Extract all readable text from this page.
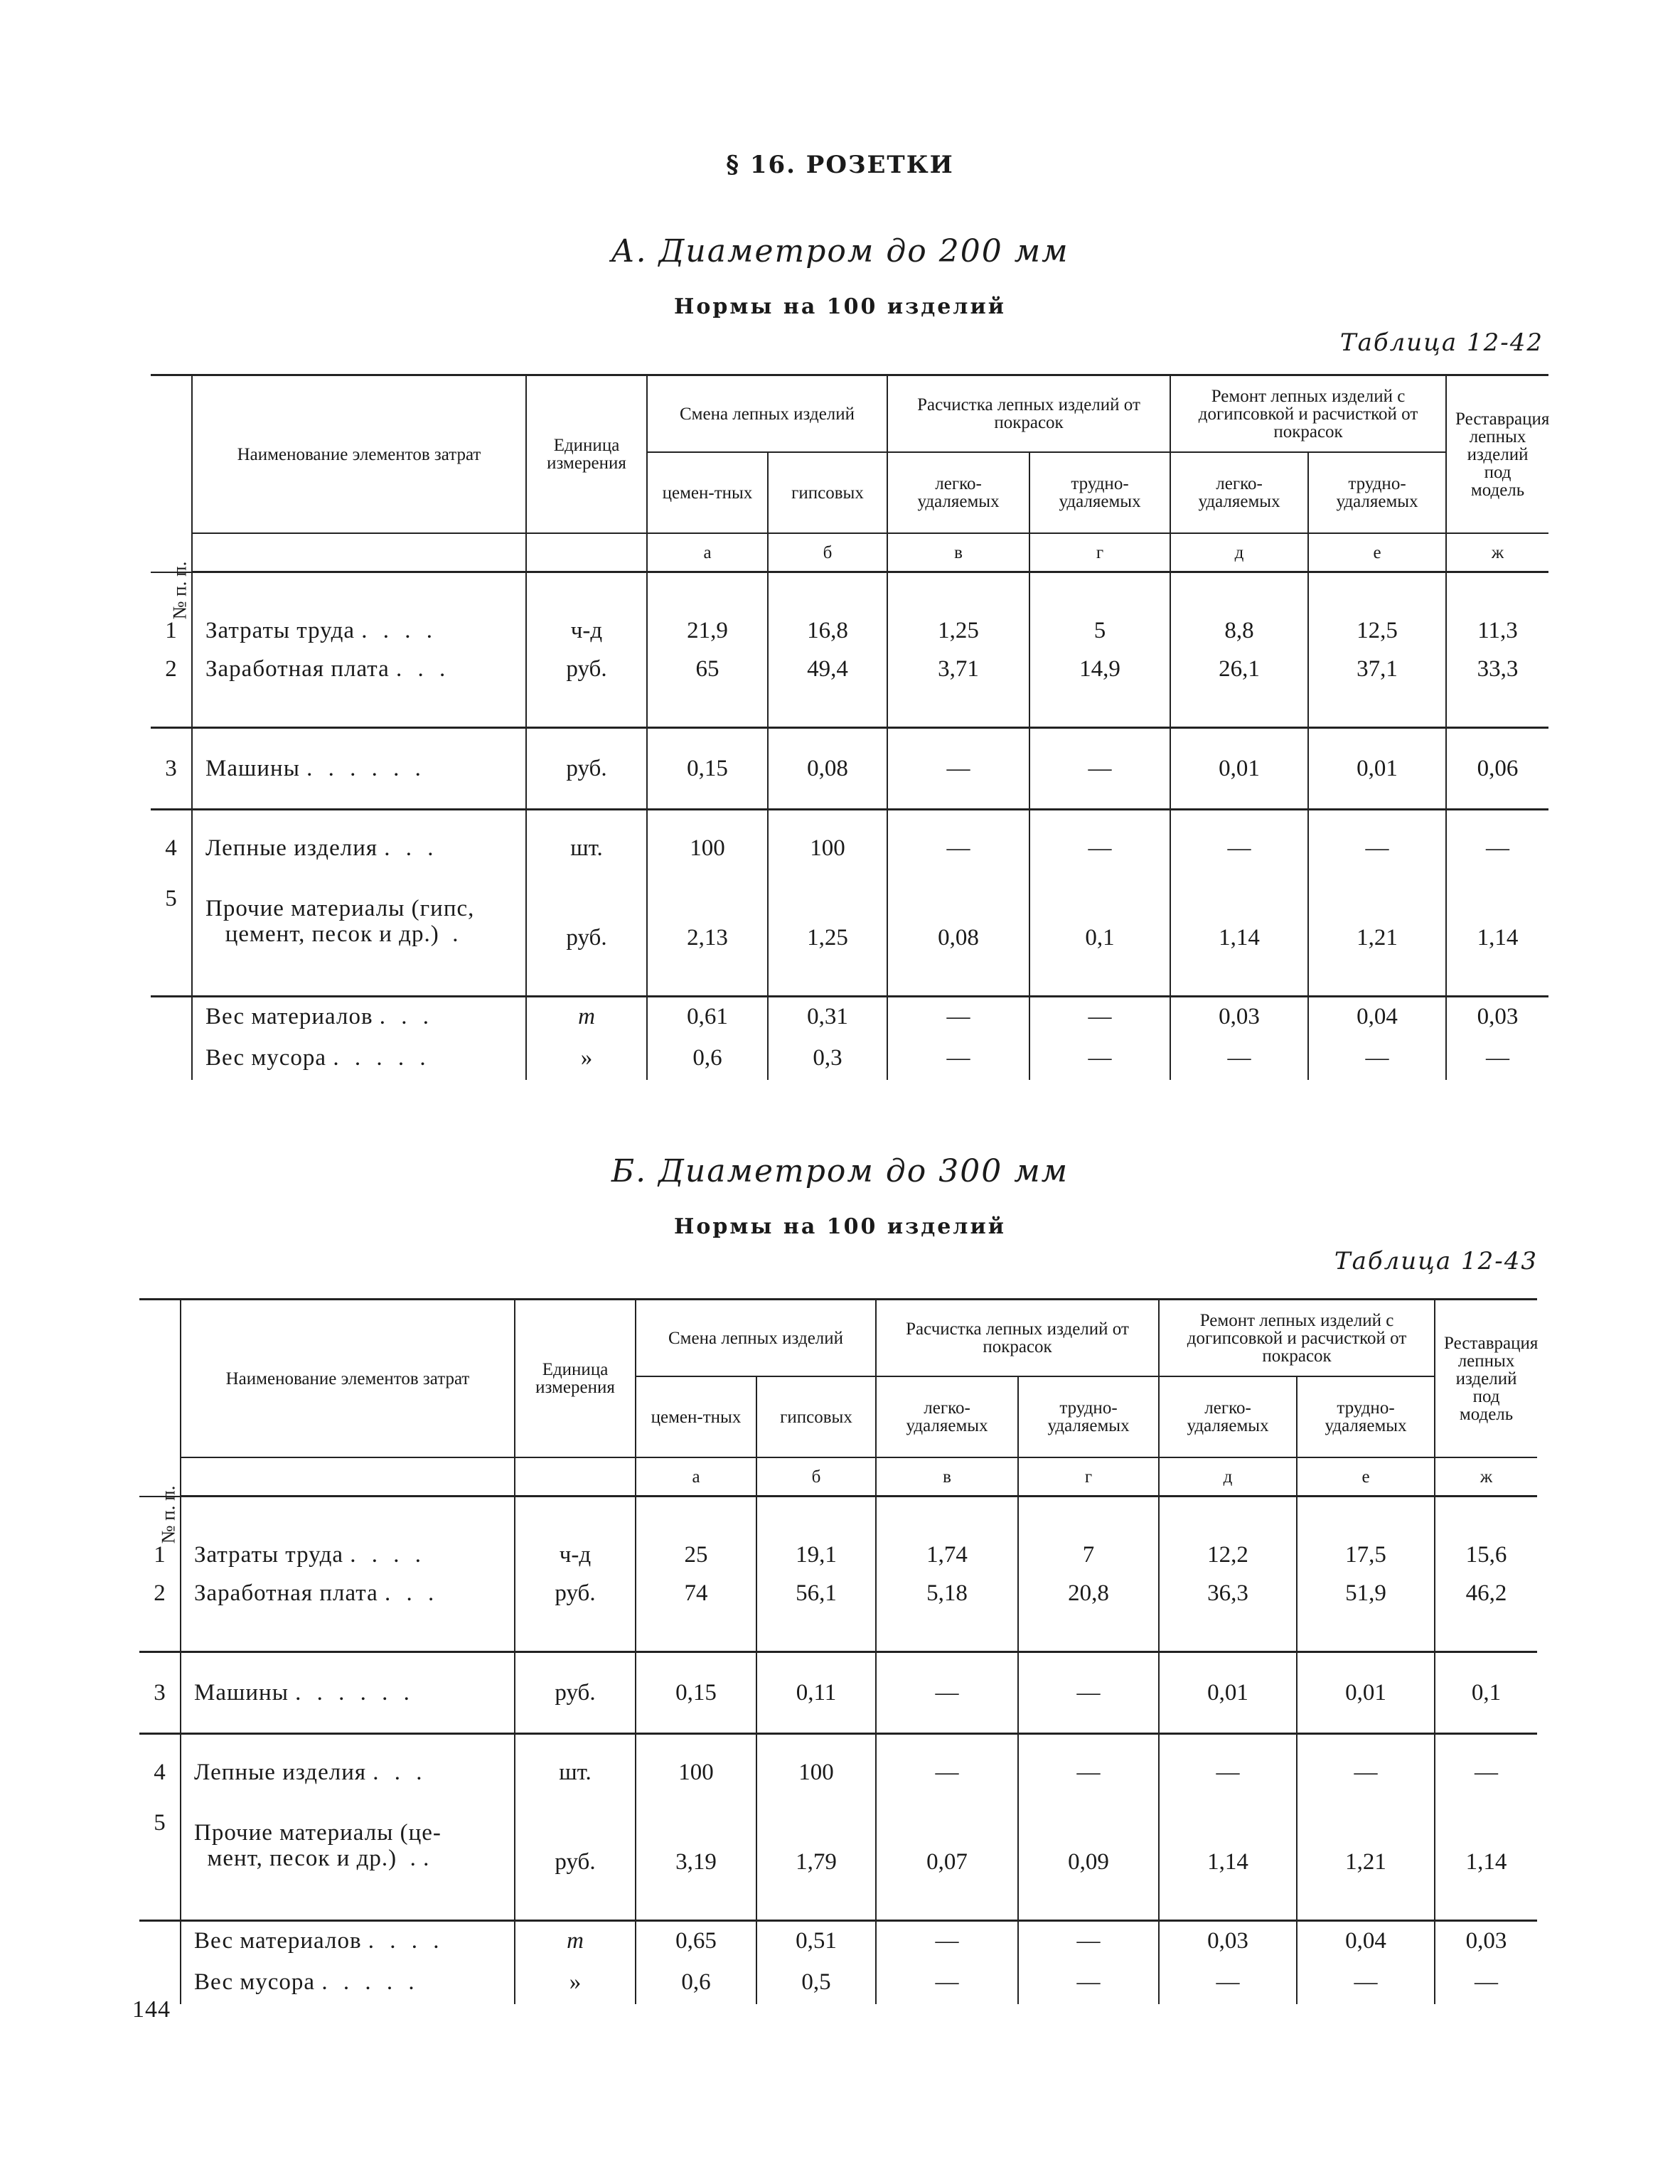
§ 16. РОЗЕТКИ
А. Диаметром до 200 мм
Нормы на 100 изделий
Таблица 12-42
№ п. п.	Наименование элементов затрат	Единица измерения	Смена лепных изделий		Расчистка лепных изделий от покрасок		Ремонт лепных изделий с догипсовкой и расчисткой от покрасок		Реставрация лепных изделий под модель
			цемен-тных	гипсовых	легко-удаляемых	трудно-удаляемых	легко-удаляемых	трудно-удаляемых	
			а	б	в	г	д	е	ж

1	Затраты труда . . . .	ч-д	21,9	16,8	1,25	5	8,8	12,5	11,3
2	Заработная плата . . .	руб.	65	49,4	3,71	14,9	26,1	37,1	33,3

3	Машины . . . . . .	руб.	0,15	0,08	—	—	0,01	0,01	0,06
4	Лепные изделия . . .	шт.	100	100	—	—	—	—	—
5	Прочие материалы (гипс,
цемент, песок и др.)  .	руб.	2,13	1,25	0,08	0,1	1,14	1,21	1,14

	Вес материалов . . .	т	0,61	0,31	—	—	0,03	0,04	0,03
	Вес мусора . . . . .	»	0,6	0,3	—	—	—	—	—
Б. Диаметром до 300 мм
Нормы на 100 изделий
Таблица 12-43
№ п. п.	Наименование элементов затрат	Единица измерения	Смена лепных изделий		Расчистка лепных изделий от покрасок		Ремонт лепных изделий с догипсовкой и расчисткой от покрасок		Реставрация лепных изделий под модель
			цемен-тных	гипсовых	легко-удаляемых	трудно-удаляемых	легко-удаляемых	трудно-удаляемых	
			а	б	в	г	д	е	ж

1	Затраты труда . . . .	ч-д	25	19,1	1,74	7	12,2	17,5	15,6
2	Заработная плата . . .	руб.	74	56,1	5,18	20,8	36,3	51,9	46,2

3	Машины . . . . . .	руб.	0,15	0,11	—	—	0,01	0,01	0,1
4	Лепные изделия . . .	шт.	100	100	—	—	—	—	—
5	Прочие материалы (це-
мент, песок и др.)  . .	руб.	3,19	1,79	0,07	0,09	1,14	1,21	1,14

	Вес материалов . . . .	т	0,65	0,51	—	—	0,03	0,04	0,03
	Вес мусора . . . . .	»	0,6	0,5	—	—	—	—	—
144
